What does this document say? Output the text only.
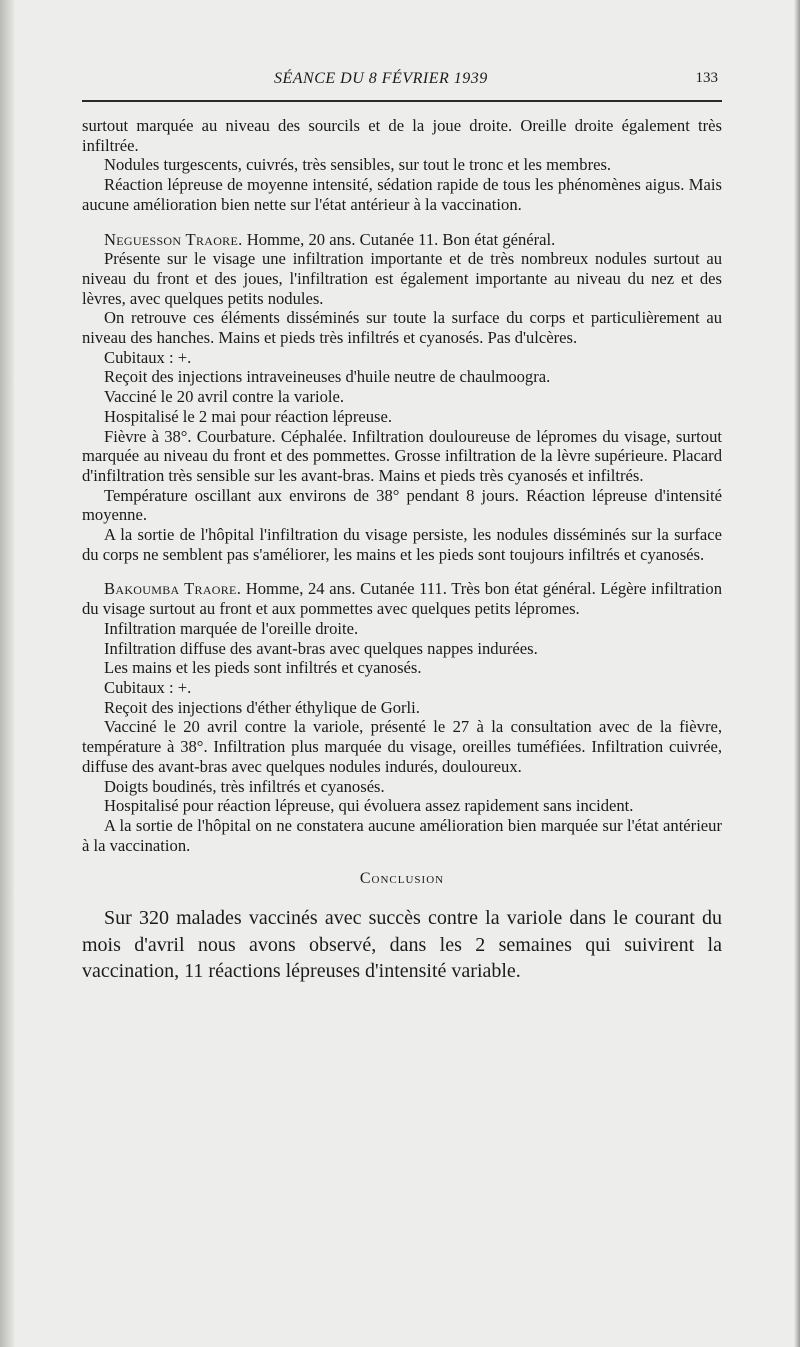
SÉANCE DU 8 FÉVRIER 1939	133

surtout marquée au niveau des sourcils et de la joue droite. Oreille droite également très infiltrée.

Nodules turgescents, cuivrés, très sensibles, sur tout le tronc et les membres.

Réaction lépreuse de moyenne intensité, sédation rapide de tous les phénomènes aigus. Mais aucune amélioration bien nette sur l'état antérieur à la vaccination.

Neguesson Traore. Homme, 20 ans. Cutanée 11. Bon état général.

Présente sur le visage une infiltration importante et de très nombreux nodules surtout au niveau du front et des joues, l'infiltration est également importante au niveau du nez et des lèvres, avec quelques petits nodules.

On retrouve ces éléments disséminés sur toute la surface du corps et particulièrement au niveau des hanches. Mains et pieds très infiltrés et cyanosés. Pas d'ulcères.

Cubitaux : +.

Reçoit des injections intraveineuses d'huile neutre de chaulmoogra.

Vacciné le 20 avril contre la variole.

Hospitalisé le 2 mai pour réaction lépreuse.

Fièvre à 38°. Courbature. Céphalée. Infiltration douloureuse de lépromes du visage, surtout marquée au niveau du front et des pommettes. Grosse infiltration de la lèvre supérieure. Placard d'infiltration très sensible sur les avant-bras. Mains et pieds très cyanosés et infiltrés.

Température oscillant aux environs de 38° pendant 8 jours. Réaction lépreuse d'intensité moyenne.

A la sortie de l'hôpital l'infiltration du visage persiste, les nodules disséminés sur la surface du corps ne semblent pas s'améliorer, les mains et les pieds sont toujours infiltrés et cyanosés.

Bakoumba Traore. Homme, 24 ans. Cutanée 111. Très bon état général. Légère infiltration du visage surtout au front et aux pommettes avec quelques petits lépromes.

Infiltration marquée de l'oreille droite.

Infiltration diffuse des avant-bras avec quelques nappes indurées.

Les mains et les pieds sont infiltrés et cyanosés.

Cubitaux : +.

Reçoit des injections d'éther éthylique de Gorli.

Vacciné le 20 avril contre la variole, présenté le 27 à la consultation avec de la fièvre, température à 38°. Infiltration plus marquée du visage, oreilles tuméfiées. Infiltration cuivrée, diffuse des avant-bras avec quelques nodules indurés, douloureux.

Doigts boudinés, très infiltrés et cyanosés.

Hospitalisé pour réaction lépreuse, qui évoluera assez rapidement sans incident.

A la sortie de l'hôpital on ne constatera aucune amélioration bien marquée sur l'état antérieur à la vaccination.

Conclusion

Sur 320 malades vaccinés avec succès contre la variole dans le courant du mois d'avril nous avons observé, dans les 2 semaines qui suivirent la vaccination, 11 réactions lépreuses d'intensité variable.
